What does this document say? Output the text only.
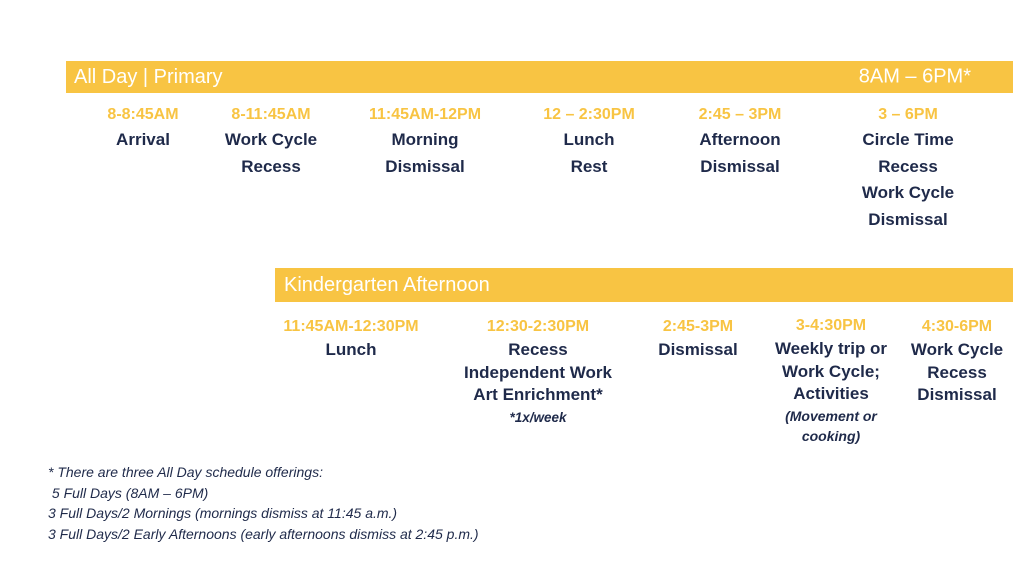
All Day | Primary	8AM – 6PM*
8-8:45AM
Arrival
8-11:45AM
Work Cycle
Recess
11:45AM-12PM
Morning
Dismissal
12 – 2:30PM
Lunch
Rest
2:45 – 3PM
Afternoon
Dismissal
3 – 6PM
Circle Time
Recess
Work Cycle
Dismissal
Kindergarten Afternoon
11:45AM-12:30PM
Lunch
12:30-2:30PM
Recess
Independent Work
Art Enrichment*
*1x/week
2:45-3PM
Dismissal
3-4:30PM
Weekly trip or
Work Cycle;
Activities
(Movement or
cooking)
4:30-6PM
Work Cycle
Recess
Dismissal
* There are three All Day schedule offerings:
5 Full Days (8AM – 6PM)
3 Full Days/2 Mornings (mornings dismiss at 11:45 a.m.)
3 Full Days/2 Early Afternoons (early afternoons dismiss at 2:45 p.m.)
